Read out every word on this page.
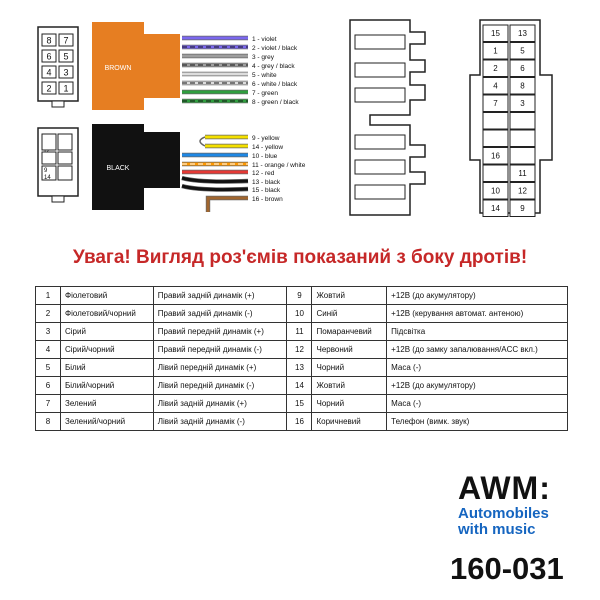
8 7
6 5
4 3
2 1
9
14
BROWN
BLACK
1 - violet
2 - violet / black
3 - grey
4 - grey / black
5 - white
6 - white / black
7 - green
8 - green / black
9 - yellow
14 - yellow
10 - blue
11 - orange / white
12 - red
13 - black
15 - black
16 - brown
15 13
1	5
2	6
4	8
7	3
16
11
10 12
14	9
Увага! Вигляд роз'ємів показаний з боку дротів!
1	Фіолетовий	Правий задній динамік (+)	9	Жовтий	+12В (до акумулятору)
2	Фіолетовий/чорний	Правий задній динамік (-)	10	Синій	+12В (керування автомат. антеною)
3	Сірий	Правий передній динамік (+)	11	Помаранчевий	Підсвітка
4	Сірий/чорний	Правий передній динамік (-)	12	Червоний	+12В (до замку запалювання/ACC вкл.)
5	Білий	Лівий передній динамік (+)	13	Чорний	Маса (-)
6	Білий/чорний	Лівий передній динамік (-)	14	Жовтий	+12В (до акумулятору)
7	Зелений	Лівий задній динамік (+)	15	Чорний	Маса (-)
8	Зелений/чорний	Лівий задній динамік (-)	16	Коричневий	Телефон (вимк. звук)
AWM:
Automobiles
with music
160-031
